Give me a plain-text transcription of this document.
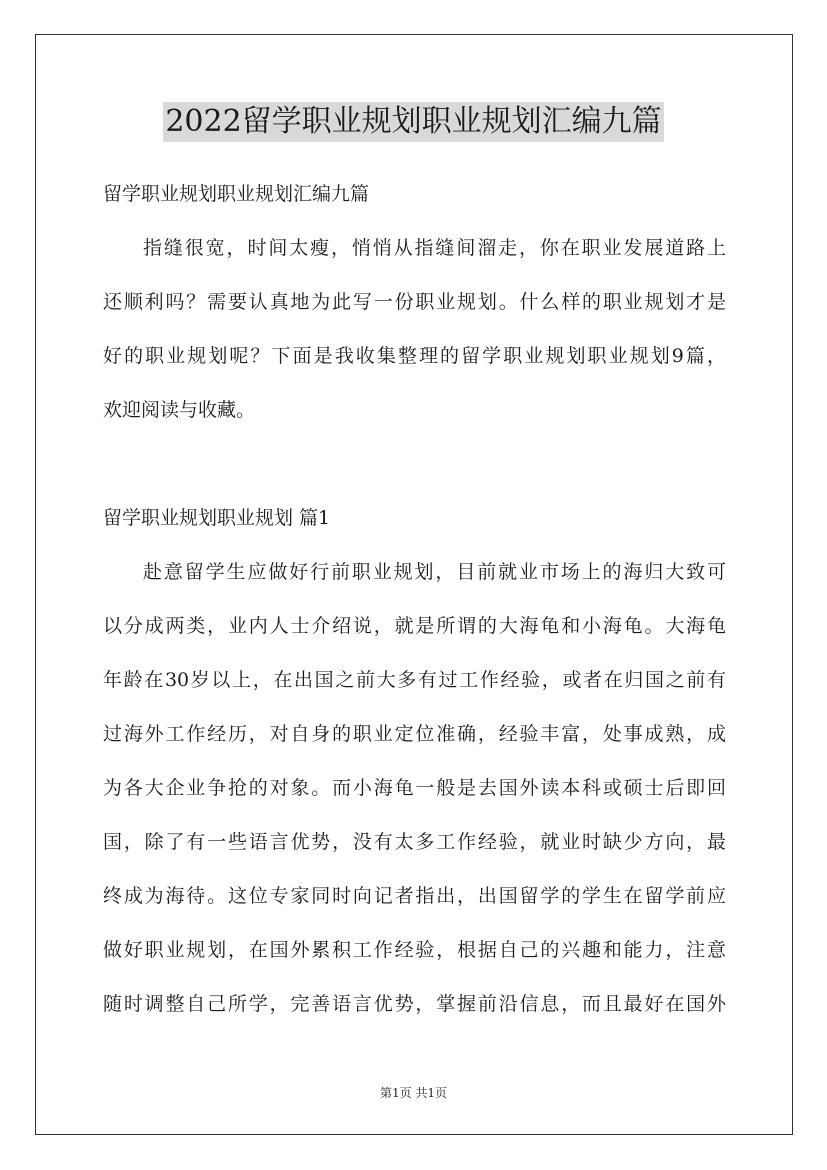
2022留学职业规划职业规划汇编九篇
留学职业规划职业规划汇编九篇
指缝很宽，时间太瘦，悄悄从指缝间溜走，你在职业发展道路上
还顺利吗？需要认真地为此写一份职业规划。什么样的职业规划才是
好的职业规划呢？下面是我收集整理的留学职业规划职业规划9篇，
欢迎阅读与收藏。
留学职业规划职业规划 篇1
赴意留学生应做好行前职业规划，目前就业市场上的海归大致可
以分成两类，业内人士介绍说，就是所谓的大海龟和小海龟。大海龟
年龄在30岁以上，在出国之前大多有过工作经验，或者在归国之前有
过海外工作经历，对自身的职业定位准确，经验丰富，处事成熟，成
为各大企业争抢的对象。而小海龟一般是去国外读本科或硕士后即回
国，除了有一些语言优势，没有太多工作经验，就业时缺少方向，最
终成为海待。这位专家同时向记者指出，出国留学的学生在留学前应
做好职业规划，在国外累积工作经验，根据自己的兴趣和能力，注意
随时调整自己所学，完善语言优势，掌握前沿信息，而且最好在国外
第1页 共1页
